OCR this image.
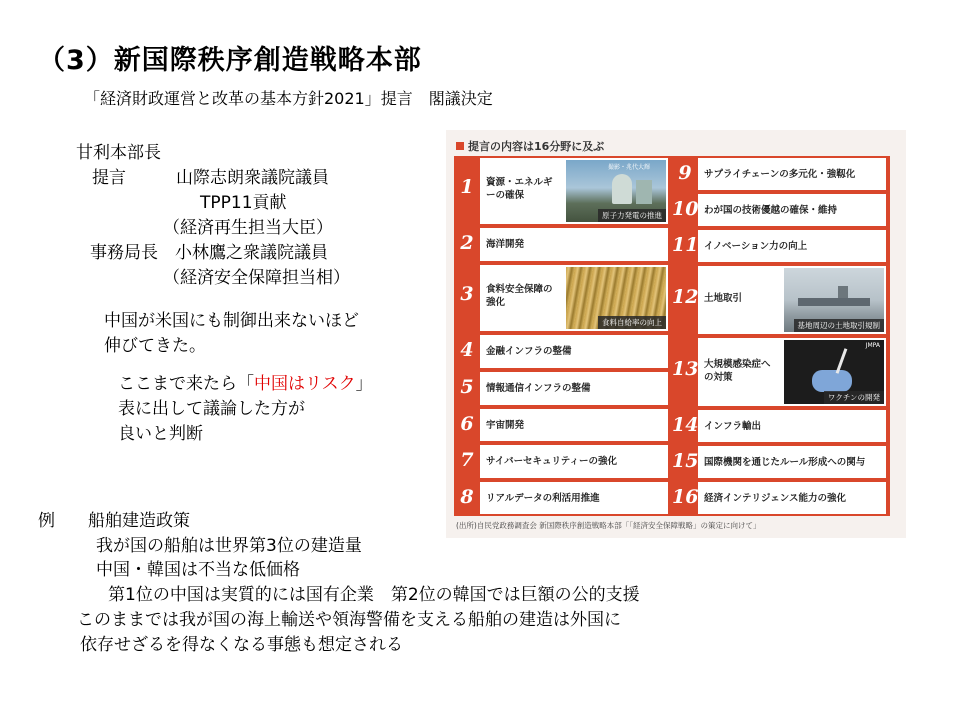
（3）新国際秩序創造戦略本部
「経済財政運営と改革の基本方針2021」提言　閣議決定
甘利本部長
提言	山際志朗衆議院議員
TPP11貢献
（経済再生担当大臣）
事務局長　小林鷹之衆議院議員
（経済安全保障担当相）
中国が米国にも制御出来ないほど
伸びてきた。
ここまで来たら「中国はリスク」
表に出して議論した方が
良いと判断
例 船舶建造政策
我が国の船舶は世界第3位の建造量
中国・韓国は不当な低価格
第1位の中国は実質的には国有企業　第2位の韓国では巨額の公的支援
このままでは我が国の海上輸送や領海警備を支える船舶の建造は外国に
依存せざるを得なくなる事態も想定される
提言の内容は16分野に及ぶ
1	資源・エネルギーの確保
撮影・兆代大輝
原子力発電の推進
2	海洋開発
3	食料安全保障の強化
食料自給率の向上
4	金融インフラの整備
5	情報通信インフラの整備
6	宇宙開発
7	サイバーセキュリティーの強化
8	リアルデータの利活用推進
9	サプライチェーンの多元化・強靱化
10 わが国の技術優越の確保・維持
11 イノベーション力の向上
12 土地取引
基地周辺の土地取引規制
13 大規模感染症への対策
JMPA
ワクチンの開発
14 インフラ輸出
15 国際機関を通じたルール形成への関与
16 経済インテリジェンス能力の強化
(出所)自民党政務調査会 新国際秩序創造戦略本部「「経済安全保障戦略」の策定に向けて」
